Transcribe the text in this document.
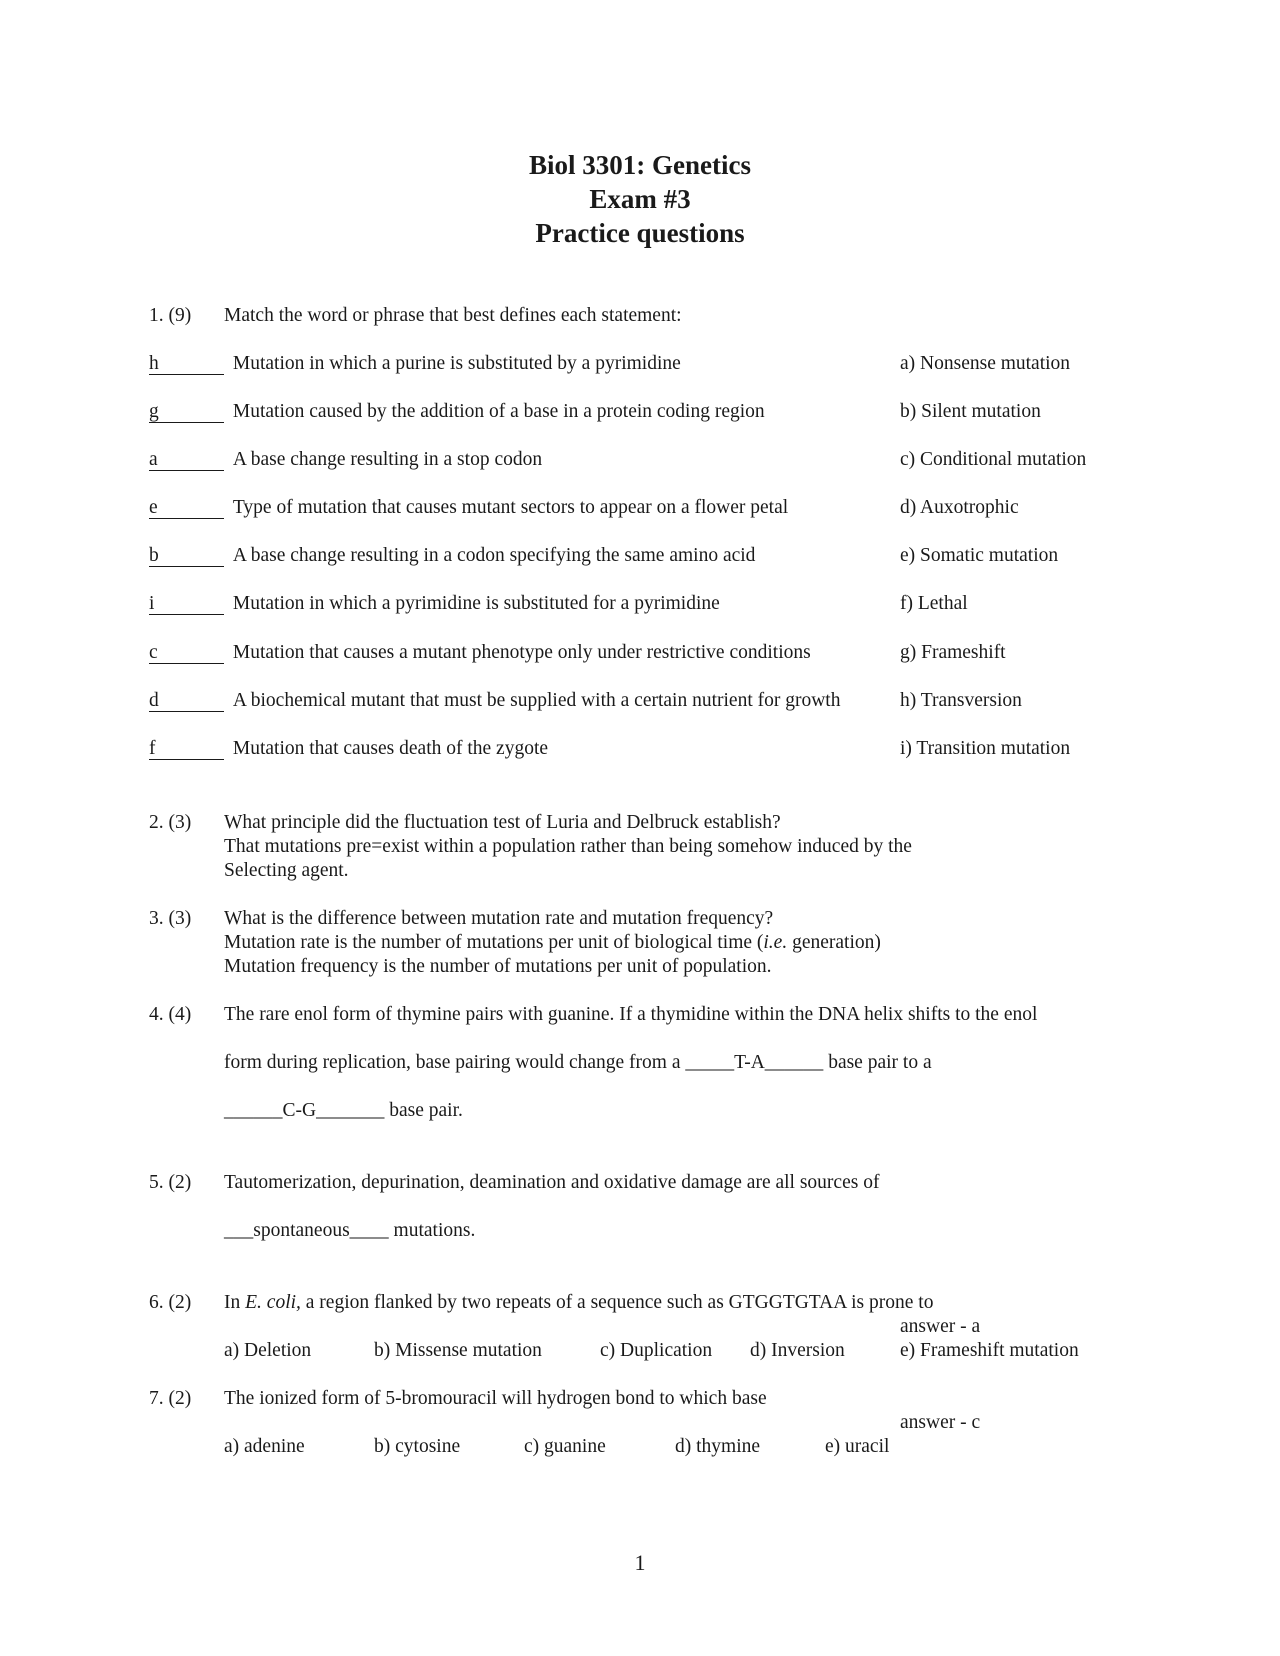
Biol 3301: Genetics
Exam #3
Practice questions
1. (9) Match the word or phrase that best defines each statement:
h	Mutation in which a purine is substituted by a pyrimidine	a) Nonsense mutation
g	Mutation caused by the addition of a base in a protein coding region	b) Silent mutation
a	A base change resulting in a stop codon	c) Conditional mutation
e	Type of mutation that causes mutant sectors to appear on a flower petal	d) Auxotrophic
b	A base change resulting in a codon specifying the same amino acid	e) Somatic mutation
i	Mutation in which a pyrimidine is substituted for a pyrimidine	f) Lethal
c	Mutation that causes a mutant phenotype only under restrictive conditions	g) Frameshift
d	A biochemical mutant that must be supplied with a certain nutrient for growth	h) Transversion
f	Mutation that causes death of the zygote	i) Transition mutation
2. (3) What principle did the fluctuation test of Luria and Delbruck establish?
That mutations pre=exist within a population rather than being somehow induced by the
Selecting agent.
3. (3) What is the difference between mutation rate and mutation frequency?
Mutation rate is the number of mutations per unit of biological time (i.e. generation)
Mutation frequency is the number of mutations per unit of population.
4. (4) The rare enol form of thymine pairs with guanine. If a thymidine within the DNA helix shifts to the enol
form during replication, base pairing would change from a _____T-A______ base pair to a
______C-G_______ base pair.
5. (2) Tautomerization, depurination, deamination and oxidative damage are all sources of
___spontaneous____ mutations.
6. (2) In E. coli, a region flanked by two repeats of a sequence such as GTGGTGTAA is prone to
answer - a
a) Deletion	b) Missense mutation	c) Duplication d) Inversion	e) Frameshift mutation
7. (2) The ionized form of 5-bromouracil will hydrogen bond to which base
answer - c
a) adenine	b) cytosine	c) guanine	d) thymine	e) uracil
1
